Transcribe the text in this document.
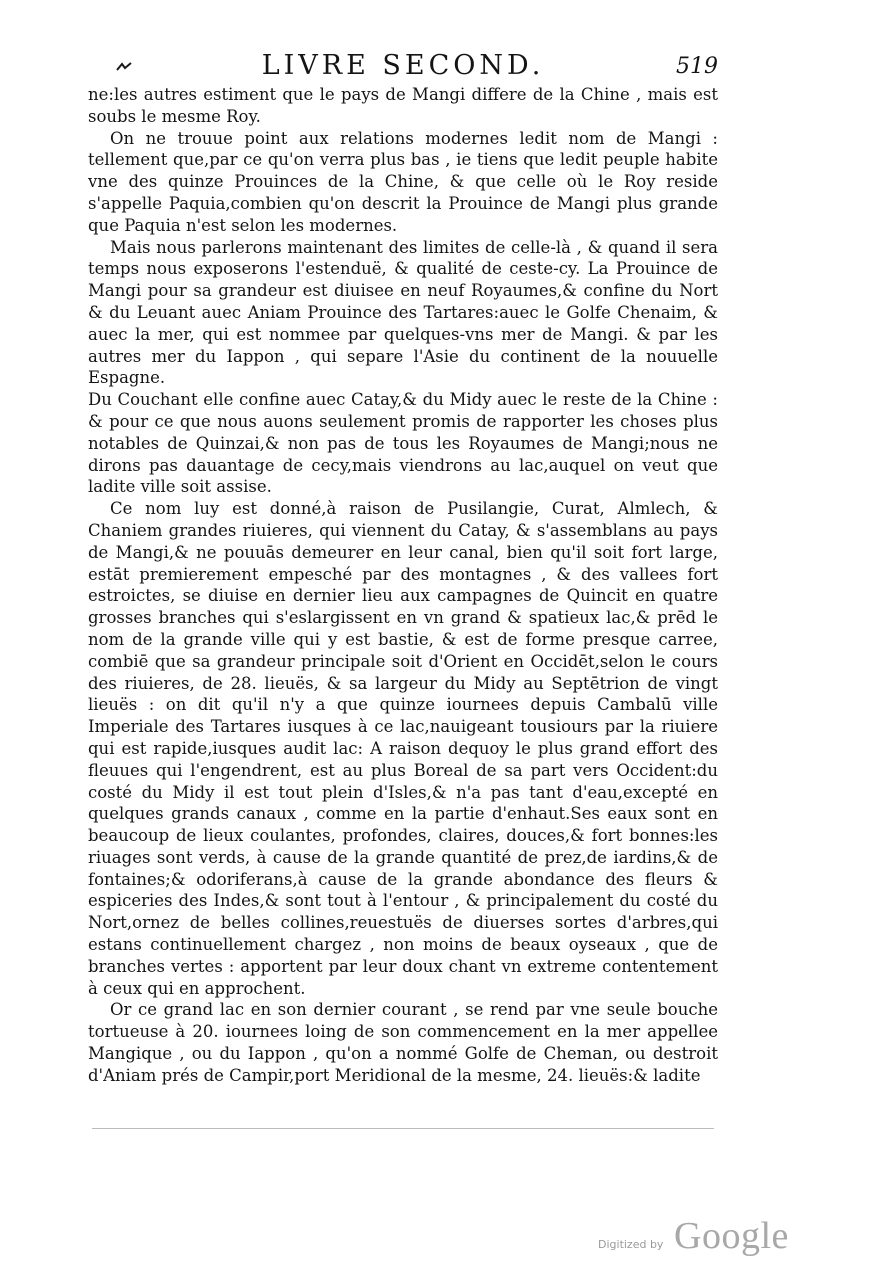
LIVRE SECOND.	519

ne:les autres estiment que le pays de Mangi differe de la Chine , mais est soubs le mesme Roy.

On ne trouue point aux relations modernes ledit nom de Mangi : tellement que,par ce qu'on verra plus bas , ie tiens que ledit peuple habite vne des quinze Prouinces de la Chine, & que celle où le Roy reside s'appelle Paquia,combien qu'on descrit la Prouince de Mangi plus grande que Paquia n'est selon les modernes.

Mais nous parlerons maintenant des limites de celle-là , & quand il sera temps nous exposerons l'estenduë, & qualité de ceste-cy. La Prouince de Mangi pour sa grandeur est diuisee en neuf Royaumes,& confine du Nort & du Leuant auec Aniam Prouince des Tartares:auec le Golfe Chenaim, & auec la mer, qui est nommee par quelques-vns mer de Mangi. & par les autres mer du Iappon , qui separe l'Asie du continent de la nouuelle Espagne.

Du Couchant elle confine auec Catay,& du Midy auec le reste de la Chine : & pour ce que nous auons seulement promis de rapporter les choses plus notables de Quinzai,& non pas de tous les Royaumes de Mangi;nous ne dirons pas dauantage de cecy,mais viendrons au lac,auquel on veut que ladite ville soit assise.

Ce nom luy est donné,à raison de Pusilangie, Curat, Almlech, & Chaniem grandes riuieres, qui viennent du Catay, & s'assemblans au pays de Mangi,& ne pouuās demeurer en leur canal, bien qu'il soit fort large, estāt premierement empesché par des montagnes , & des vallees fort estroictes, se diuise en dernier lieu aux campagnes de Quincit en quatre grosses branches qui s'eslargissent en vn grand & spatieux lac,& prēd le nom de la grande ville qui y est bastie, & est de forme presque carree, combiē que sa grandeur principale soit d'Orient en Occidēt,selon le cours des riuieres, de 28. lieuës, & sa largeur du Midy au Septētrion de vingt lieuës : on dit qu'il n'y a que quinze iournees depuis Cambalū ville Imperiale des Tartares iusques à ce lac,nauigeant tousiours par la riuiere qui est rapide,iusques audit lac: A raison dequoy le plus grand effort des fleuues qui l'engendrent, est au plus Boreal de sa part vers Occident:du costé du Midy il est tout plein d'Isles,& n'a pas tant d'eau,excepté en quelques grands canaux , comme en la partie d'enhaut.Ses eaux sont en beaucoup de lieux coulantes, profondes, claires, douces,& fort bonnes:les riuages sont verds, à cause de la grande quantité de prez,de iardins,& de fontaines;& odoriferans,à cause de la grande abondance des fleurs & espiceries des Indes,& sont tout à l'entour , & principalement du costé du Nort,ornez de belles collines,reuestuës de diuerses sortes d'arbres,qui estans continuellement chargez , non moins de beaux oyseaux , que de branches vertes : apportent par leur doux chant vn extreme contentement à ceux qui en approchent.

Or ce grand lac en son dernier courant , se rend par vne seule bouche tortueuse à 20. iournees loing de son commencement en la mer appellee Mangique , ou du Iappon , qu'on a nommé Golfe de Cheman, ou destroit d'Aniam prés de Campir,port Meridional de la mesme, 24. lieuës:& ladite

Digitized by Google
